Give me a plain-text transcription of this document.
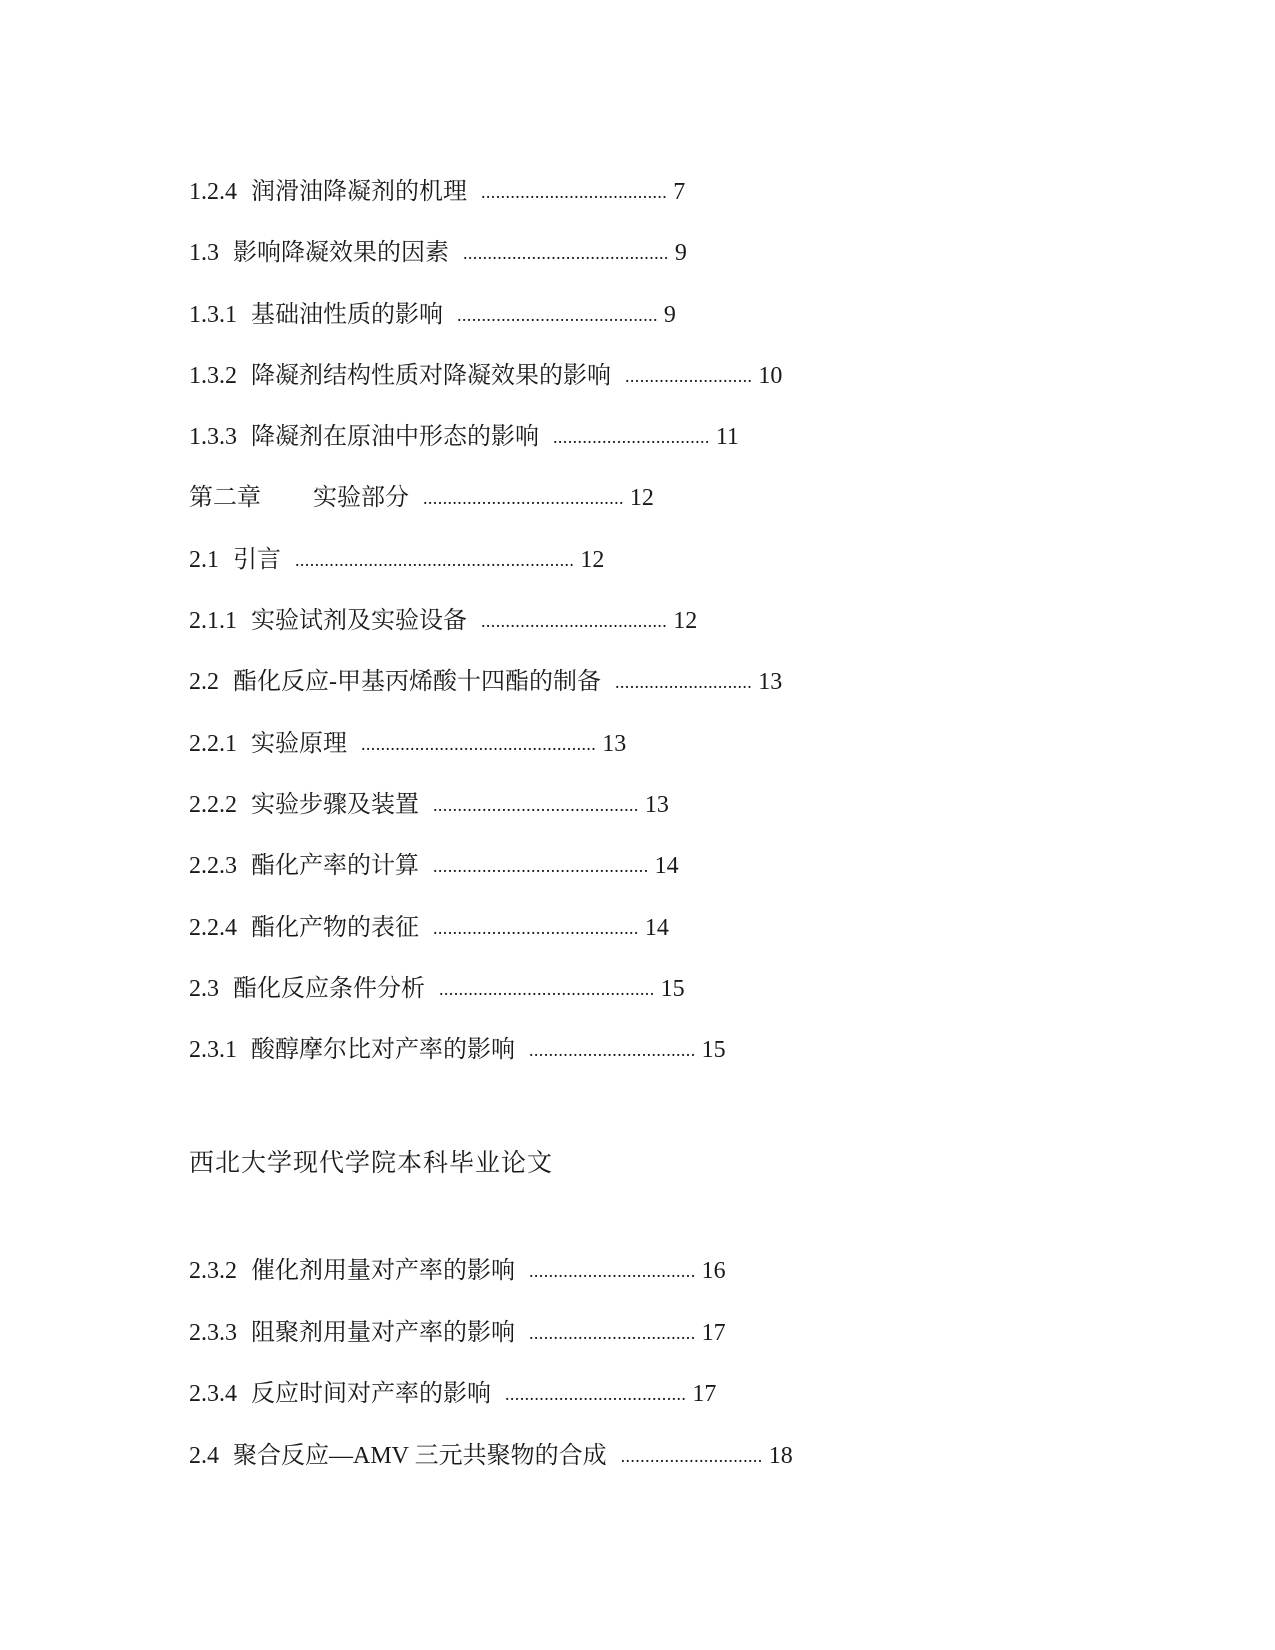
1.2.4 润滑油降凝剂的机理 ...................................... 7
1.3 影响降凝效果的因素 .......................................... 9
1.3.1 基础油性质的影响 ......................................... 9
1.3.2 降凝剂结构性质对降凝效果的影响 .......................... 10
1.3.3 降凝剂在原油中形态的影响 ................................ 11
第二章 实验部分 ......................................... 12
2.1 引言 ......................................................... 12
2.1.1 实验试剂及实验设备 ...................................... 12
2.2 酯化反应-甲基丙烯酸十四酯的制备 ............................ 13
2.2.1 实验原理 ................................................ 13
2.2.2 实验步骤及装置 .......................................... 13
2.2.3 酯化产率的计算 ............................................ 14
2.2.4 酯化产物的表征 .......................................... 14
2.3 酯化反应条件分析 ............................................ 15
2.3.1 酸醇摩尔比对产率的影响 .................................. 15
西北大学现代学院本科毕业论文
2.3.2 催化剂用量对产率的影响 .................................. 16
2.3.3 阻聚剂用量对产率的影响 .................................. 17
2.3.4 反应时间对产率的影响 ..................................... 17
2.4 聚合反应—AMV 三元共聚物的合成 ............................. 18
